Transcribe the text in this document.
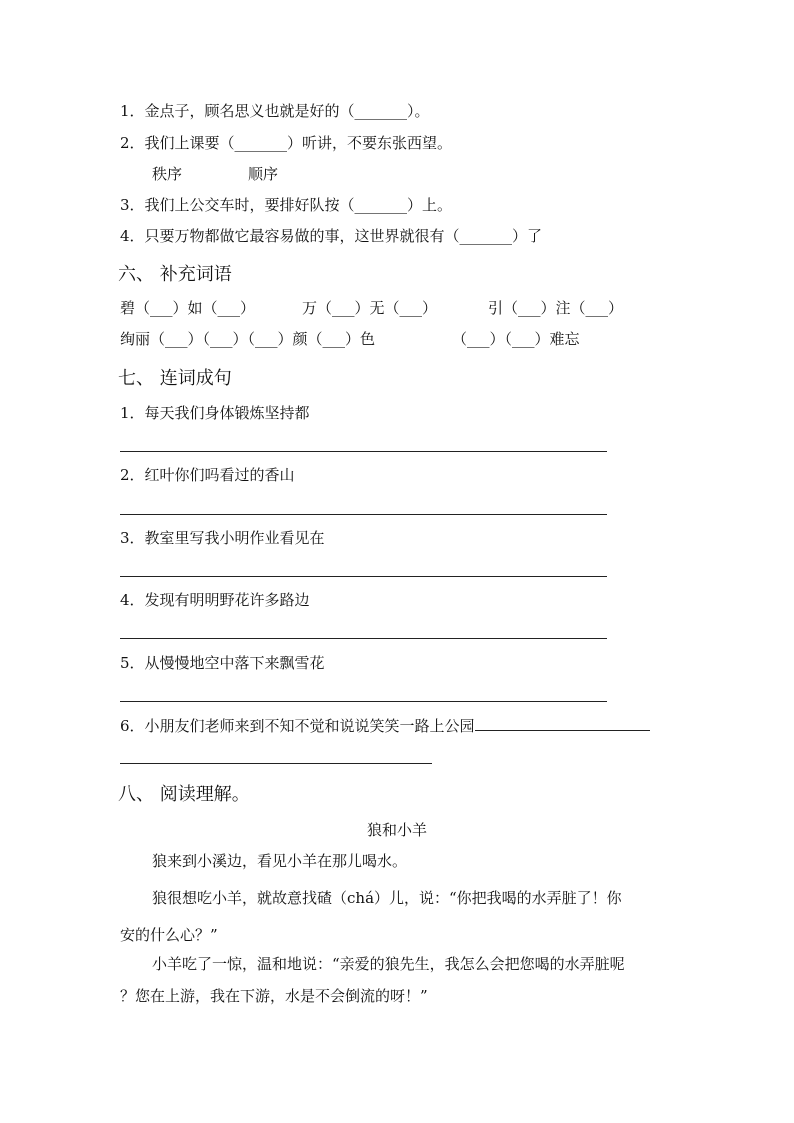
1．金点子，顾名思义也就是好的（_______）。
2．我们上课要（_______）听讲，不要东张西望。
秩序	顺序
3．我们上公交车时，要排好队按（_______）上。
4．只要万物都做它最容易做的事，这世界就很有（_______）了
六、 补充词语
碧（___）如（___）	万（___）无（___）	引（___）注（___）
绚丽（___）（___）（___）颜（___）色	（___）（___）难忘
七、 连词成句
1．每天我们身体锻炼坚持都
2．红叶你们吗看过的香山
3．教室里写我小明作业看见在
4．发现有明明野花许多路边
5．从慢慢地空中落下来飘雪花
6．小朋友们老师来到不知不觉和说说笑笑一路上公园
八、 阅读理解。
狼和小羊
狼来到小溪边，看见小羊在那儿喝水。
狼很想吃小羊，就故意找碴（chá）儿，说：“你把我喝的水弄脏了！你
安的什么心？”
小羊吃了一惊，温和地说：“亲爱的狼先生，我怎么会把您喝的水弄脏呢
？您在上游，我在下游，水是不会倒流的呀！”
